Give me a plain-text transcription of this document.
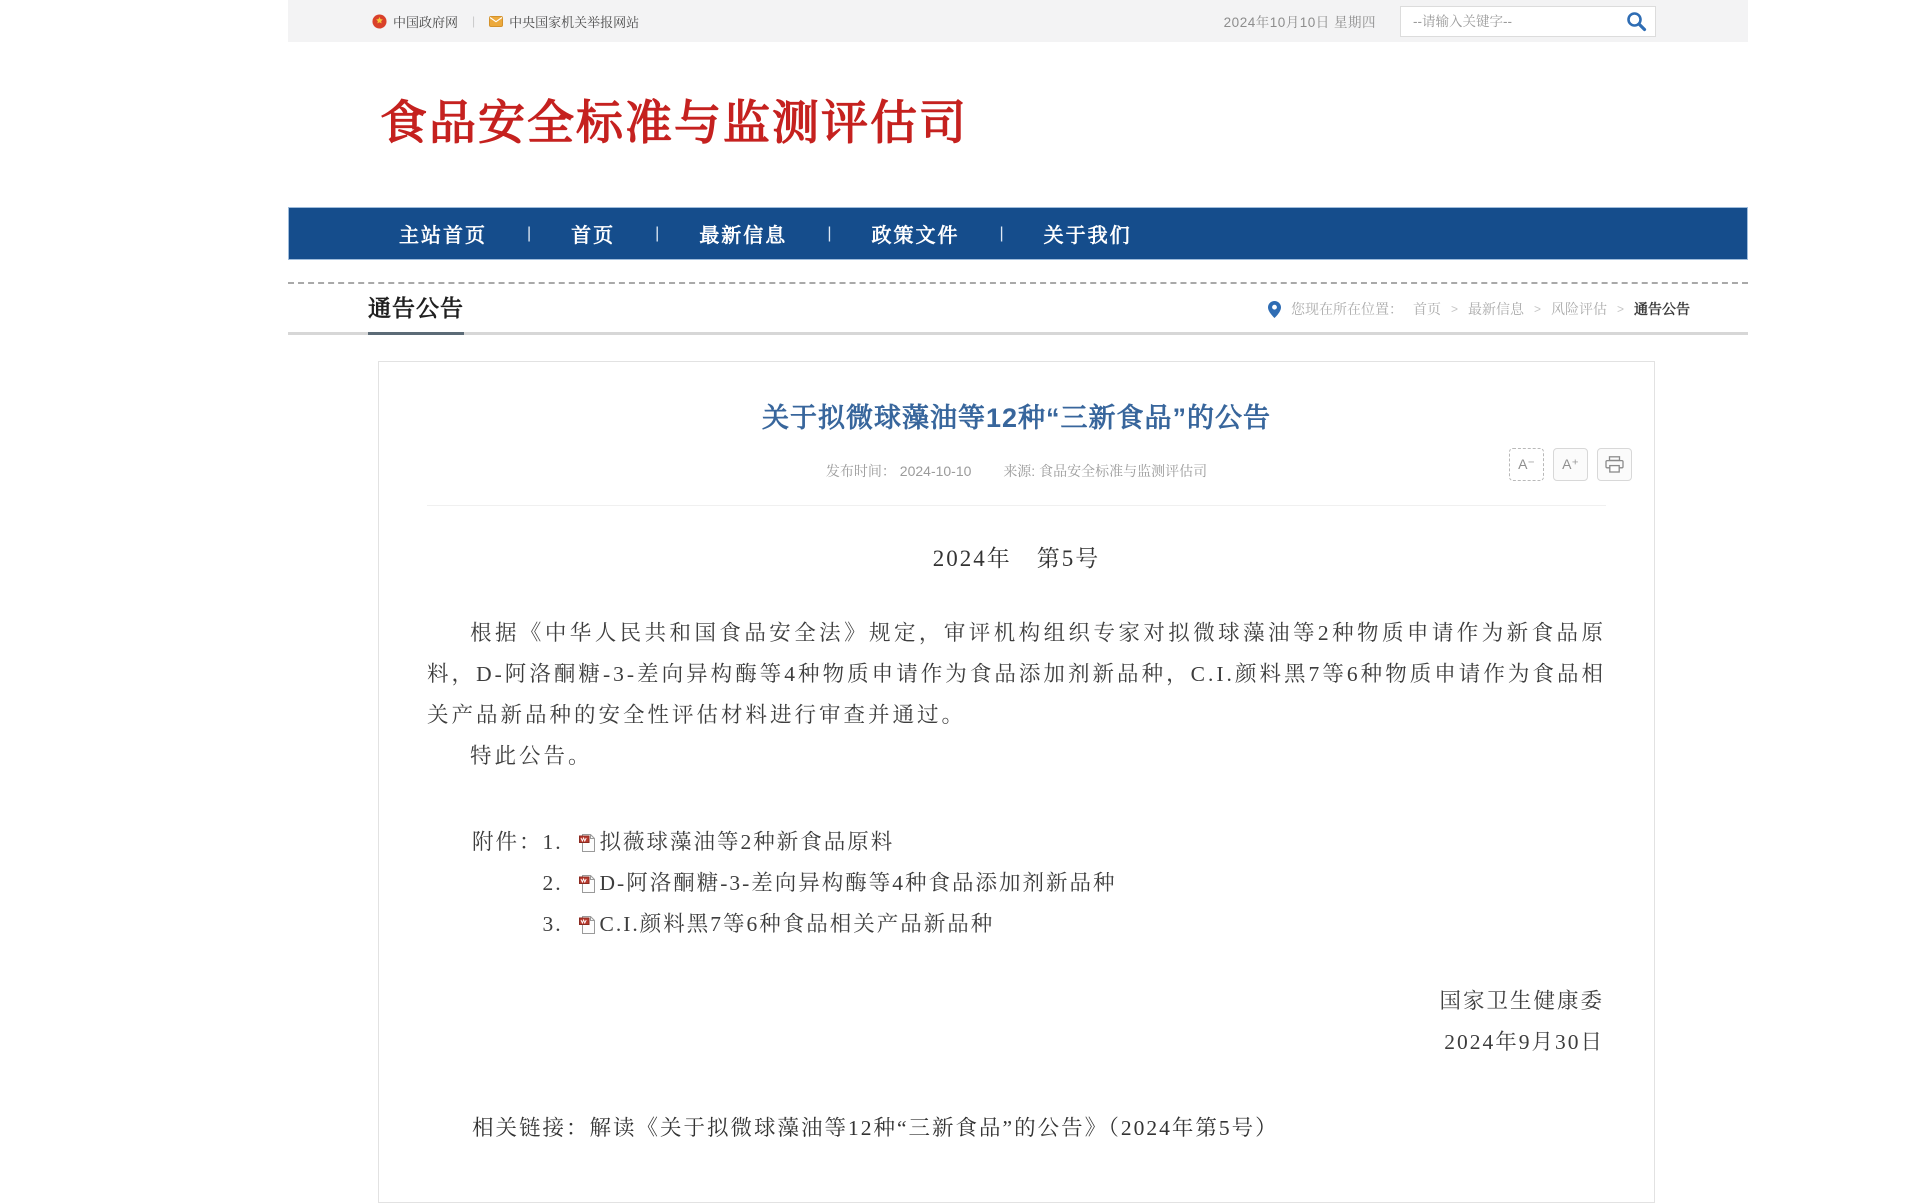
中国政府网 |	中央国家机关举报网站	2024年10月10日 星期四
--请输入关键字--
食品安全标准与监测评估司
主站首页	| 首页	| 最新信息	| 政策文件	| 关于我们
通告公告	您现在所在位置： 首页 > 最新信息 > 风险评估 > 通告公告
关于拟微球藻油等12种“三新食品”的公告
发布时间： 2024-10-10 来源: 食品安全标准与监测评估司	A⁻	A⁺
2024年　第5号

根据《中华人民共和国食品安全法》规定，审评机构组织专家对拟微球藻油等2种物质申请作为新食品原料，D-阿洛酮糖-3-差向异构酶等4种物质申请作为食品添加剂新品种，C.I.颜料黑7等6种物质申请作为食品相关产品新品种的安全性评估材料进行审查并通过。

特此公告。

附件： 1.	拟薇球藻油等2种新食品原料
2.	D-阿洛酮糖-3-差向异构酶等4种食品添加剂新品种
3.	C.I.颜料黑7等6种食品相关产品新品种
国家卫生健康委
2024年9月30日

相关链接：解读《关于拟微球藻油等12种“三新食品”的公告》（2024年第5号）
